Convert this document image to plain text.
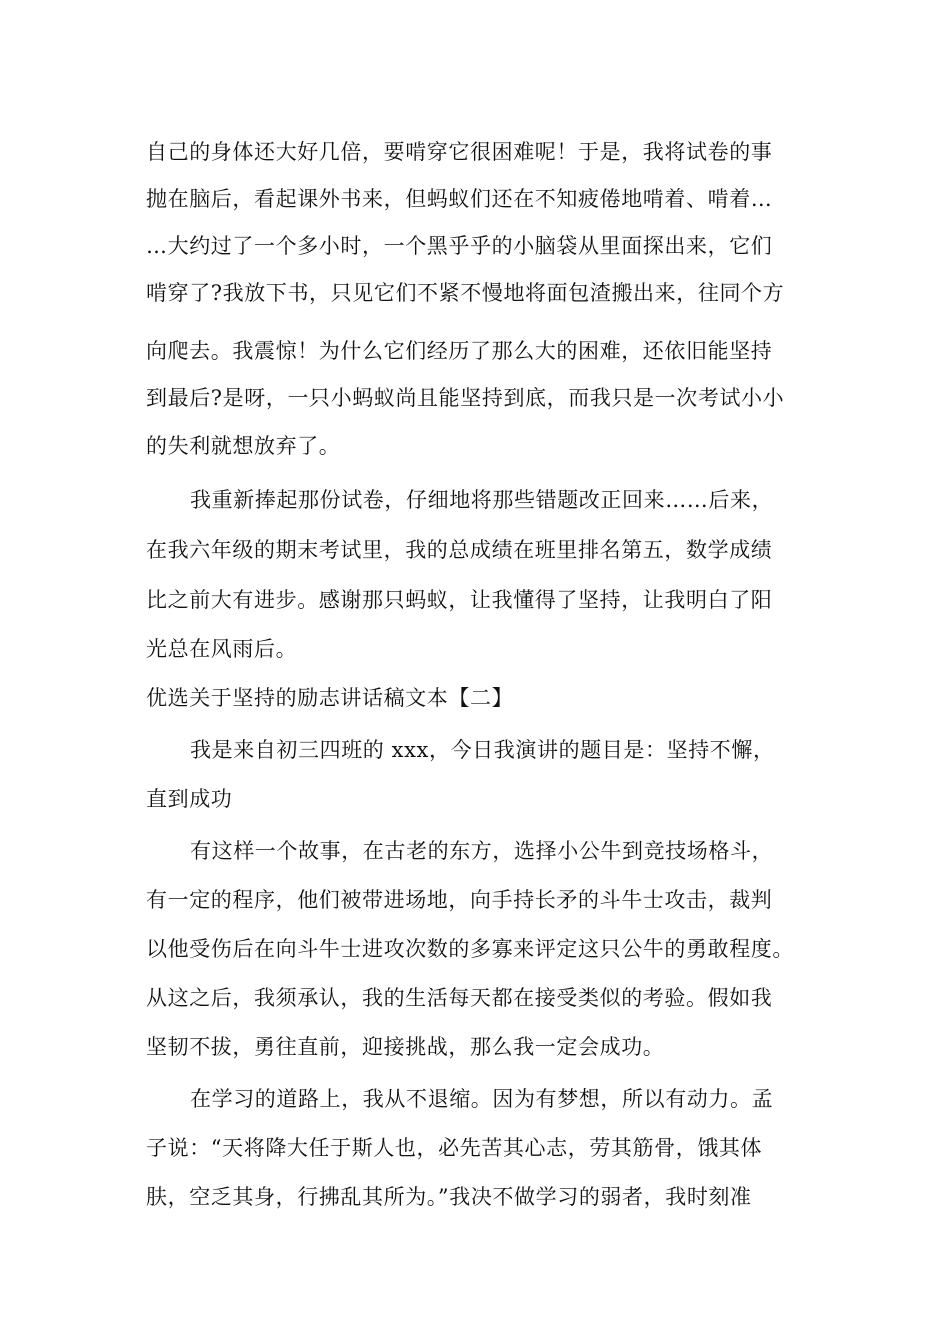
自己的身体还大好几倍，要啃穿它很困难呢！于是，我将试卷的事
抛在脑后，看起课外书来，但蚂蚁们还在不知疲倦地啃着、啃着…
…大约过了一个多小时，一个黑乎乎的小脑袋从里面探出来，它们
啃穿了?我放下书，只见它们不紧不慢地将面包渣搬出来，往同个方
向爬去。我震惊！为什么它们经历了那么大的困难，还依旧能坚持
到最后?是呀，一只小蚂蚁尚且能坚持到底，而我只是一次考试小小
的失利就想放弃了。
我重新捧起那份试卷，仔细地将那些错题改正回来……后来，
在我六年级的期末考试里，我的总成绩在班里排名第五，数学成绩
比之前大有进步。感谢那只蚂蚁，让我懂得了坚持，让我明白了阳
光总在风雨后。
优选关于坚持的励志讲话稿文本【二】
我是来自初三四班的 xxx，今日我演讲的题目是：坚持不懈，
直到成功
有这样一个故事，在古老的东方，选择小公牛到竞技场格斗，
有一定的程序，他们被带进场地，向手持长矛的斗牛士攻击，裁判
以他受伤后在向斗牛士进攻次数的多寡来评定这只公牛的勇敢程度。
从这之后，我须承认，我的生活每天都在接受类似的考验。假如我
坚韧不拔，勇往直前，迎接挑战，那么我一定会成功。
在学习的道路上，我从不退缩。因为有梦想，所以有动力。孟
子说：“天将降大任于斯人也，必先苦其心志，劳其筋骨，饿其体
肤，空乏其身，行拂乱其所为。”我决不做学习的弱者，我时刻准
